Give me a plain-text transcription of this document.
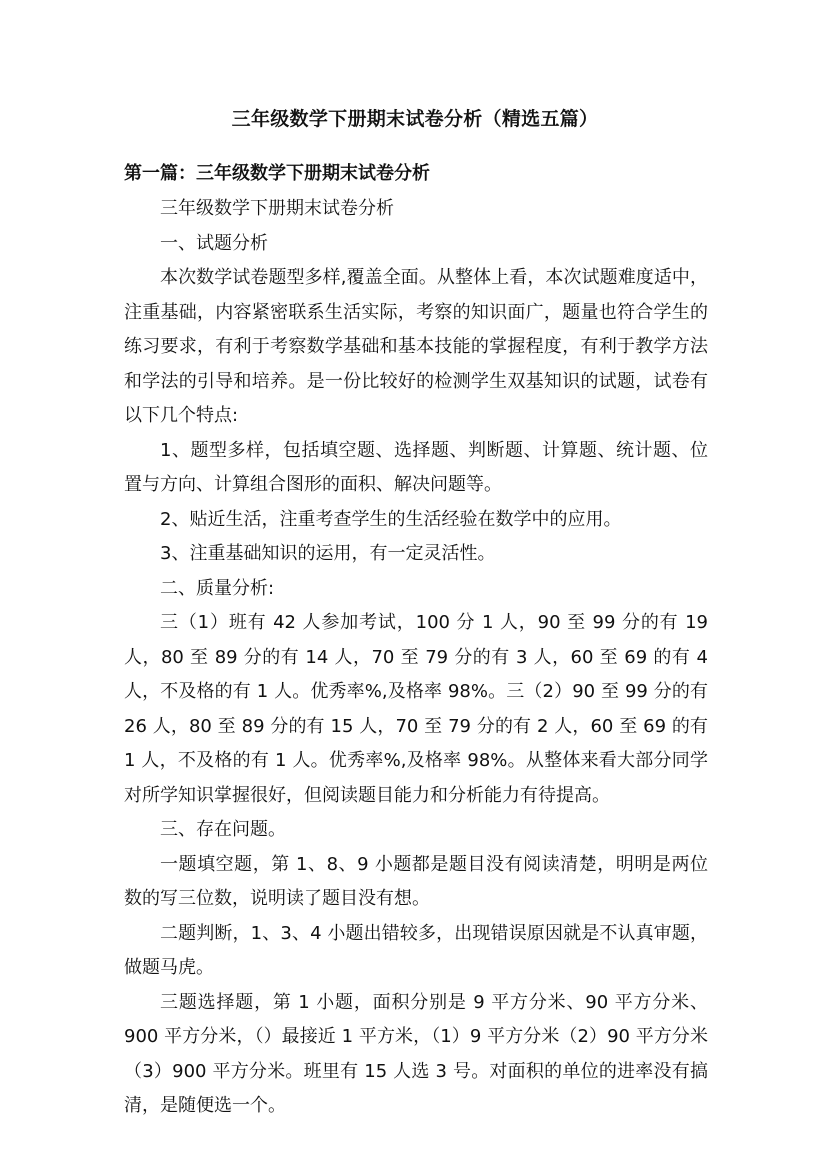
三年级数学下册期末试卷分析（精选五篇）
第一篇：三年级数学下册期末试卷分析

三年级数学下册期末试卷分析

一、试题分析

本次数学试卷题型多样,覆盖全面。从整体上看，本次试题难度适中，注重基础，内容紧密联系生活实际，考察的知识面广，题量也符合学生的练习要求，有利于考察数学基础和基本技能的掌握程度，有利于教学方法和学法的引导和培养。是一份比较好的检测学生双基知识的试题，试卷有以下几个特点:

1、题型多样，包括填空题、选择题、判断题、计算题、统计题、位置与方向、计算组合图形的面积、解决问题等。

2、贴近生活，注重考查学生的生活经验在数学中的应用。

3、注重基础知识的运用，有一定灵活性。

二、质量分析:

三（1）班有 42 人参加考试，100 分 1 人，90 至 99 分的有 19 人，80 至 89 分的有 14 人，70 至 79 分的有 3 人，60 至 69 的有 4 人，不及格的有 1 人。优秀率%,及格率 98%。三（2）90 至 99 分的有 26 人，80 至 89 分的有 15 人，70 至 79 分的有 2 人，60 至 69 的有 1 人，不及格的有 1 人。优秀率%,及格率 98%。从整体来看大部分同学对所学知识掌握很好，但阅读题目能力和分析能力有待提高。

三、存在问题。

一题填空题，第 1、8、9 小题都是题目没有阅读清楚，明明是两位数的写三位数，说明读了题目没有想。

二题判断，1、3、4 小题出错较多，出现错误原因就是不认真审题，做题马虎。

三题选择题，第 1 小题，面积分别是 9 平方分米、90 平方分米、900 平方分米，（）最接近 1 平方米，（1）9 平方分米（2）90 平方分米（3）900 平方分米。班里有 15 人选 3 号。对面积的单位的进率没有搞清，是随便选一个。
